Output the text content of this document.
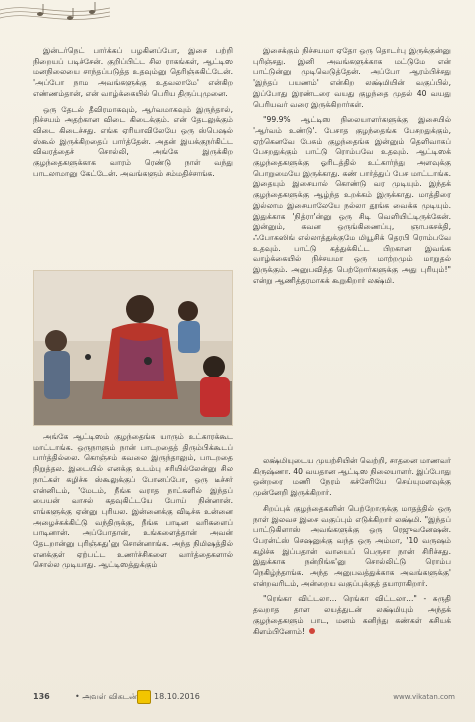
இன்டர்நெட் பார்க்கப் பழகினப்போ, இசை பற்றி நிறையப் படிச்சேன். குறிப்பிட்ட சில ராகங்கள், ஆட்டிஸ மனநிலையை சாந்தப்படுத்த உதவும்னு தெரிஞ்சுகிட்டேன். 'அப்போ நாம அவங்களுக்கு உதவலாமே' என்கிற எண்ணம்தான், என் வாழ்க்கையில் பெரிய திருப்புமுனை.

ஒரு தேடல் தீவிரமாகவும், ஆர்வமாகவும் இருந்தால், நிச்சயம் அதற்கான விடை கிடைக்கும். என் தேடலுக்கும் விடை கிடைச்சது. எங்க ஏரியாவிலேயே ஒரு ஸ்பெஷல் ஸ்கூல் இருக்கிறதைப் பார்த்தேன். அதன் இயக்குநர்கிட்ட விவரத்தைச் சொல்லி, அங்கே இருக்கிற குழந்தைகளுக்காக வாரம் ரெண்டு நாள் வந்து பாடலாமானு கேட்டேன். அவங்களும் சம்மதிச்சாங்க.

அங்கே ஆட்டிஸம் குழந்தைங்க யாரும் உட்காரக்கூட மாட்டாங்க. ஒருநாளும் நான் பாடறதைத் திரும்பிக்கூடப் பார்த்தில்லை. கொஞ்சம் கவலை இருந்தாலும், பாடறதை நிறுத்தல. இடையில் எனக்கு உடம்பு சரியில்லேன்னு சில நாட்கள் கழிச்சு ஸ்கூலுக்குப் போனப்போ, ஒரு டீச்சர் என்னிடம், 'மேடம், நீங்க வராத நாட்களில் இந்தப் பையன் வாசல் கதவுகிட்டயே போய் நின்னான். எங்களுக்கு ஏன்னு புரியல. இன்னைக்கு விடிச்சு உன்னை அழைச்சுக்கிட்டு வந்திருக்கு, நீங்க பாடின வரிகளைப் பாடினான். அப்போதான், உங்களைத்தான் அவன் தேடறான்னு புரிஞ்சுது'னு சொன்னாங்க. அந்த நிமிஷத்தில் எனக்குள் ஏற்பட்ட உணர்ச்சிகளை வார்த்தைகளால் சொல்ல முடியாது. ஆட்டிஸத்துக்கும்

இசைக்கும் நிச்சயமா ஏதோ ஒரு தொடர்பு இருக்குன்னு புரிஞ்சது. இனி அவங்களுக்காக மட்டுமே என் பாட்டுன்னு முடிவெடுத்தேன். அப்போ ஆரம்பிச்சது 'இந்தப் பயணம்' என்கிற லக்ஷ்மியின் வகுப்பில், இப்போது இரண்டரை வயது குழந்தை முதல் 40 வயது பெரியவர் வரை இருக்கிறார்கள்.

"99.9% ஆட்டிஸ நிலையாளர்களுக்கு இசையில் 'ஆர்வம் உண்டு'. பேசாத குழந்தைங்க பேசறதுக்கும், ஏற்கெனவே பேசும் குழந்தைங்க இன்னும் தெளிவாகப் பேசறதுக்கும் பாட்டு ரொம்பவே உதவும். ஆட்டிஸக் குழந்தைகளுக்கு ஓரிடத்தில் உட்கார்ந்து அளவுக்கு பொறுமையே இருக்காது. கண் பார்த்துப் பேச மாட்டாங்க. இதையும் இசையால் கொண்டு வர முடியும். இந்தக் குழந்தைகளுக்கு ஆழ்ந்த உறக்கம் இருக்காது. மாத்திரை இல்லாம இசையாலேயே நல்லா தூங்க வைக்க முடியும். இதுக்காக 'நித்ரா'ன்னு ஒரு சிடி வெளியிட்டிருக்கேன். இன்னும், கவன ஒருங்கிணைப்பு, ஞாபகசக்தி, ஃபோகஸிங் எல்லாத்துக்குமே மியூசிக் தெரபி ரொம்பவே உதவும். பாட்டு கத்துக்கிட்ட பிறகான இவங்க வாழ்க்கையில் நிச்சயமா ஒரு மாற்றமும் மாறுதல் இருக்கும். அனுபவித்த பெற்றோர்களுக்கு அது புரியும்!" என்று ஆணித்தரமாகக் கூறுகிறார் லக்ஷ்மி.

லக்ஷ்மியுடைய முயற்சியின் வெற்றி, சாதனை மாணவர் கிருஷ்ணா. 40 வயதான ஆட்டிஸ நிலையாளர். இப்போது ஒன்றரை மணி நேரம் கச்சேரியே செய்யுமளவுக்கு முன்னேறி இருக்கிறார்.

சிறப்புக் குழந்தைகளின் பெற்றோருக்கு மாதத்தில் ஒரு நாள் இலவச இசை வகுப்பும் எடுக்கிறார் லக்ஷ்மி. "இந்தப் பாட்டுகிளாஸ் அவங்களுக்கு ஒரு ரெஜுவனேஷன். பேரன்ட்ஸ் செஷனுக்கு வந்த ஒரு அம்மா, '10 வருஷம் கழிச்சு இப்பதான் வாயைப் பெருசா நான் சிரிச்சது. இதுக்காக நன்றிங்க'னு சொல்லிட்டு ரொம்ப நெகிழ்ந்தாங்க. அந்த அனுபவத்துக்காக அவங்களுக்கு' என்றவரிடம், அன்றைய வகுப்புக்குத் தயாராகிறார்.

"ரெங்கா விட்டலா... ரெங்கா விட்டலா..." - சுருதி தவறாத தாள லயத்துடன் லக்ஷ்மியும் அந்தக் குழந்தைகளும் பாட, மனம் கனிந்து கண்கள் கசியக் கிளம்பினோம்!

136	• அவள் விகடன் 18.10.2016	www.vikatan.com
